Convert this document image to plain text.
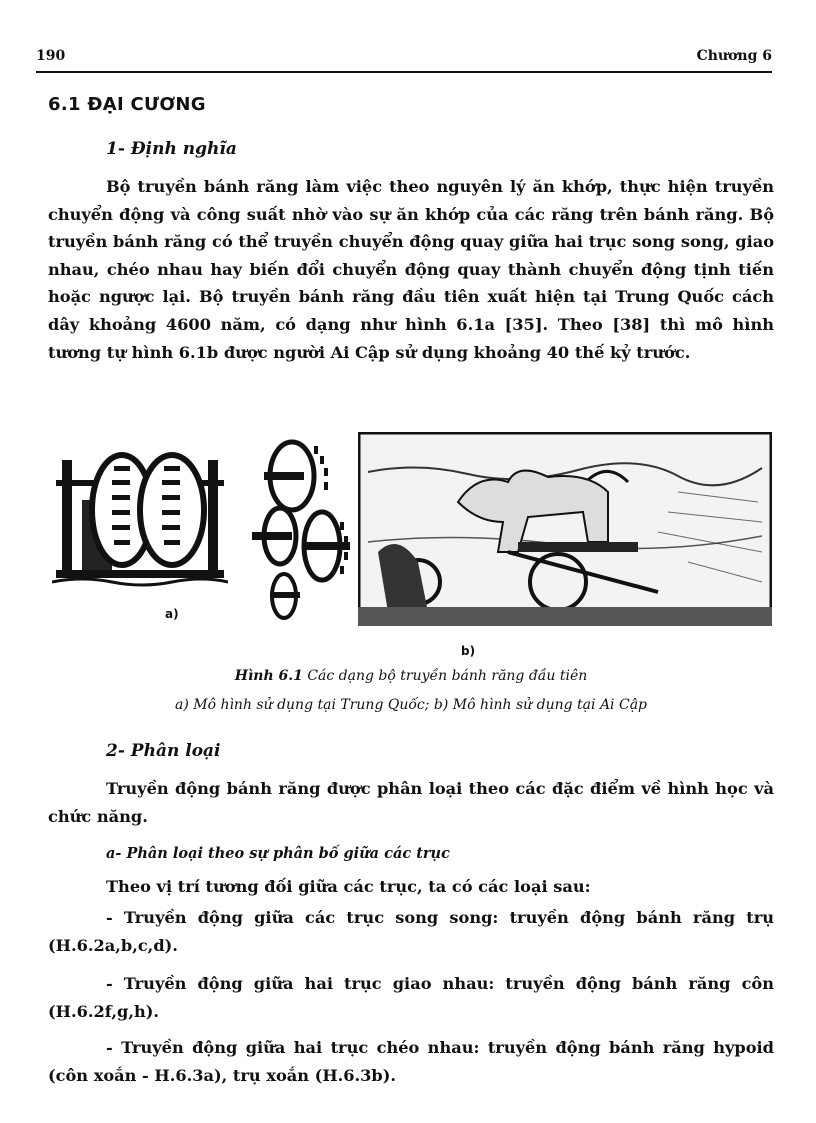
190	Chương 6
6.1 ĐẠI CƯƠNG
1- Định nghĩa

Bộ truyền bánh răng làm việc theo nguyên lý ăn khớp, thực hiện truyền chuyển động và công suất nhờ vào sự ăn khớp của các răng trên bánh răng. Bộ truyền bánh răng có thể truyền chuyển động quay giữa hai trục song song, giao nhau, chéo nhau hay biến đổi chuyển động quay thành chuyển động tịnh tiến hoặc ngược lại. Bộ truyền bánh răng đầu tiên xuất hiện tại Trung Quốc cách dây khoảng 4600 năm, có dạng như hình 6.1a [35]. Theo [38] thì mô hình tương tự hình 6.1b được người Ai Cập sử dụng khoảng 40 thế kỷ trước.

a)
b)
Hình 6.1 Các dạng bộ truyền bánh răng đầu tiên
a) Mô hình sử dụng tại Trung Quốc; b) Mô hình sử dụng tại Ai Cập
2- Phân loại

Truyền động bánh răng được phân loại theo các đặc điểm về hình học và chức năng.

a- Phân loại theo sự phân bố giữa các trục

Theo vị trí tương đối giữa các trục, ta có các loại sau:

- Truyền động giữa các trục song song: truyền động bánh răng trụ (H.6.2a,b,c,d).

- Truyền động giữa hai trục giao nhau: truyền động bánh răng côn (H.6.2f,g,h).

- Truyền động giữa hai trục chéo nhau: truyền động bánh răng hypoid (côn xoắn - H.6.3a), trụ xoắn (H.6.3b).
